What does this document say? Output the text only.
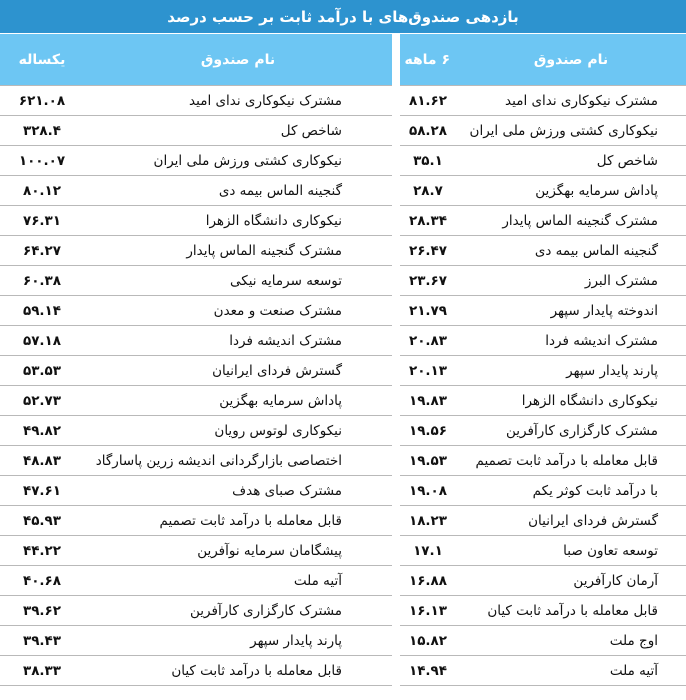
بازدهی صندوق‌های با درآمد ثابت بر حسب درصد
نام صندوق	۶ ماهه		نام صندوق	یکساله
مشترک نیکوکاری ندای امید	۸۱.۶۲		مشترک نیکوکاری ندای امید	۶۲۱.۰۸
نیکوکاری کشتی ورزش ملی ایران	۵۸.۲۸		شاخص کل	۳۲۸.۴
شاخص کل	۳۵.۱		نیکوکاری کشتی ورزش ملی ایران	۱۰۰.۰۷
پاداش سرمایه بهگزین	۲۸.۷		گنجینه الماس بیمه دی	۸۰.۱۲
مشترک گنجینه الماس پایدار	۲۸.۳۴		نیکوکاری دانشگاه الزهرا	۷۶.۳۱
گنجینه الماس بیمه دی	۲۶.۴۷		مشترک گنجینه الماس پایدار	۶۴.۲۷
مشترک البرز	۲۳.۶۷		توسعه سرمایه نیکی	۶۰.۳۸
اندوخته پایدار سپهر	۲۱.۷۹		مشترک صنعت و معدن	۵۹.۱۴
مشترک اندیشه فردا	۲۰.۸۳		مشترک اندیشه فردا	۵۷.۱۸
پارند پایدار سپهر	۲۰.۱۳		گسترش فردای ایرانیان	۵۳.۵۳
نیکوکاری دانشگاه الزهرا	۱۹.۸۳		پاداش سرمایه بهگزین	۵۲.۷۳
مشترک کارگزاری کارآفرین	۱۹.۵۶		نیکوکاری لوتوس رویان	۴۹.۸۲
قابل معامله با درآمد ثابت تصمیم	۱۹.۵۳		اختصاصی بازارگردانی اندیشه زرین پاسارگاد	۴۸.۸۳
با درآمد ثابت کوثر یکم	۱۹.۰۸		مشترک صبای هدف	۴۷.۶۱
گسترش فردای ایرانیان	۱۸.۲۳		قابل معامله با درآمد ثابت تصمیم	۴۵.۹۳
توسعه تعاون صبا	۱۷.۱		پیشگامان سرمایه نوآفرین	۴۴.۲۲
آرمان کارآفرین	۱۶.۸۸		آتیه ملت	۴۰.۶۸
قابل معامله با درآمد ثابت کیان	۱۶.۱۳		مشترک کارگزاری کارآفرین	۳۹.۶۲
اوج ملت	۱۵.۸۲		پارند پایدار سپهر	۳۹.۴۳
آتیه ملت	۱۴.۹۴		قابل معامله با درآمد ثابت کیان	۳۸.۳۳
